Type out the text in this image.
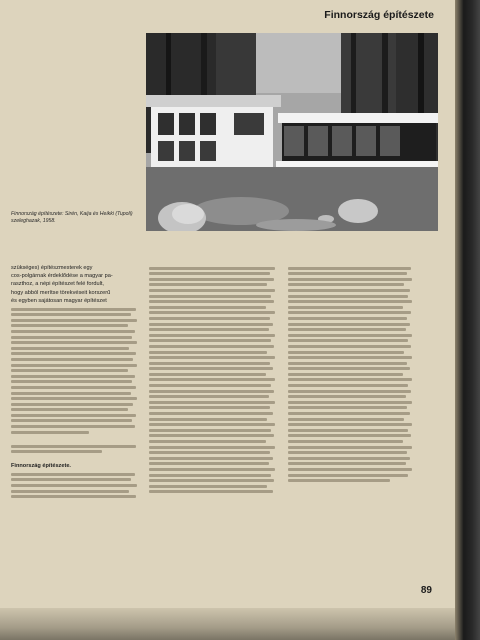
Finnország építészete
Finnország építészete: Sirén, Kaija és Heikki (Tupoli) szeleghazak, 1958.
szükséges) építészmesterek egy
cos-polgárnak érdeklődése a magyar pa-
raszthoz, a népi építészet felé fordult,
hogy abból merítse törekvéseit korszerű
és egyben sajátosan magyar építészet
Finnország építészete.
89
